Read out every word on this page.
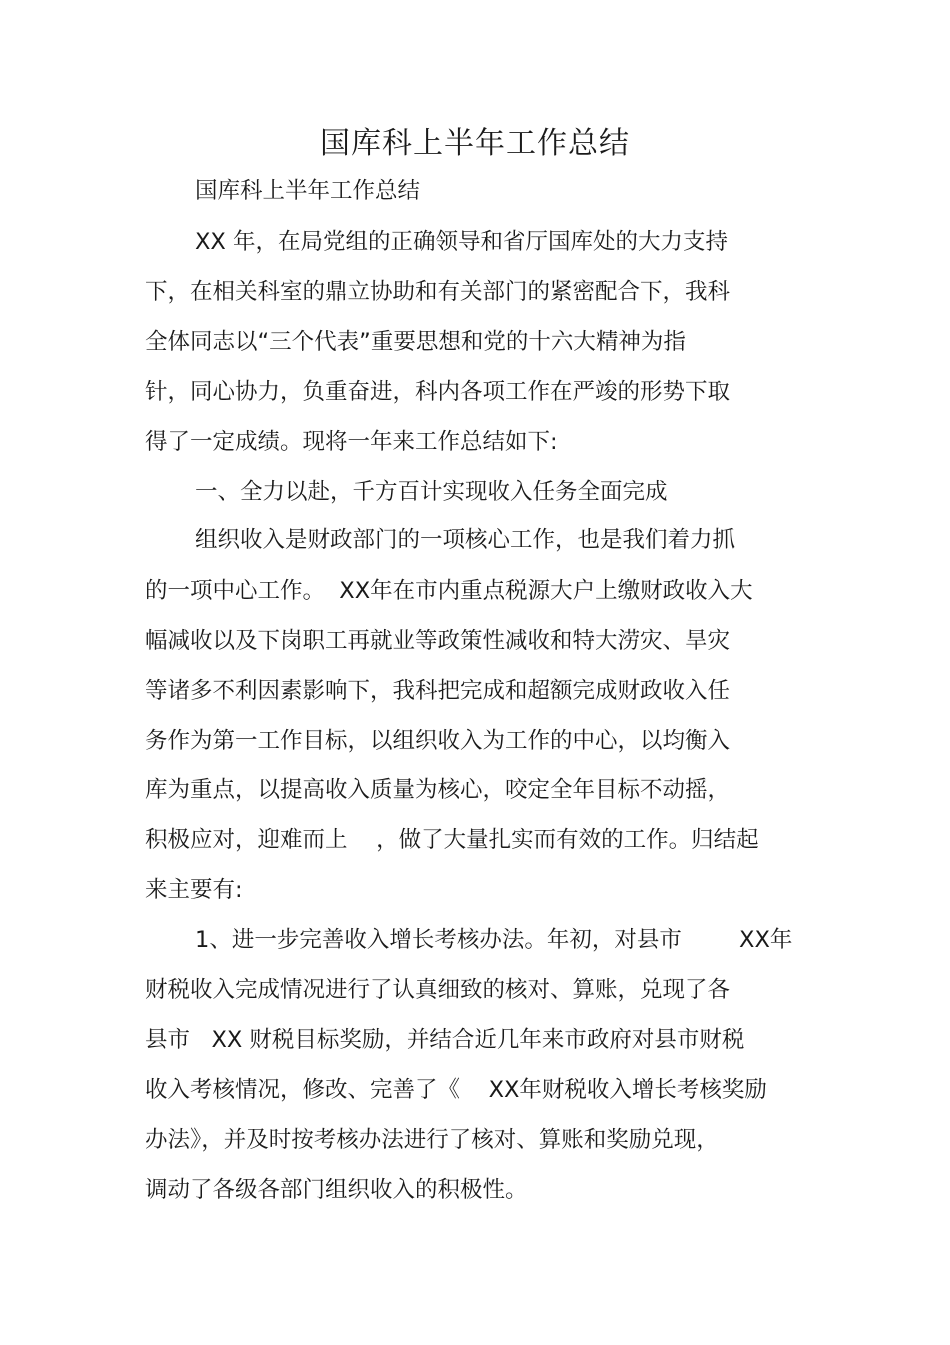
国库科上半年工作总结
国库科上半年工作总结
XX 年，在局党组的正确领导和省厅国库处的大力支持
下，在相关科室的鼎立协助和有关部门的紧密配合下，我科
全体同志以“三个代表”重要思想和党的十六大精神为指
针，同心协力，负重奋进，科内各项工作在严竣的形势下取
得了一定成绩。现将一年来工作总结如下:
一、全力以赴，千方百计实现收入任务全面完成
组织收入是财政部门的一项核心工作，也是我们着力抓
的一项中心工作。  XX年在市内重点税源大户上缴财政收入大
幅减收以及下岗职工再就业等政策性减收和特大涝灾、旱灾
等诸多不利因素影响下，我科把完成和超额完成财政收入任
务作为第一工作目标，以组织收入为工作的中心，以均衡入
库为重点，以提高收入质量为核心，咬定全年目标不动摇，
积极应对，迎难而上    ，做了大量扎实而有效的工作。归结起
来主要有:
1、进一步完善收入增长考核办法。年初，对县市        XX年
财税收入完成情况进行了认真细致的核对、算账，兑现了各
县市   XX 财税目标奖励，并结合近几年来市政府对县市财税
收入考核情况，修改、完善了《    XX年财税收入增长考核奖励
办法》，并及时按考核办法进行了核对、算账和奖励兑现，
调动了各级各部门组织收入的积极性。
